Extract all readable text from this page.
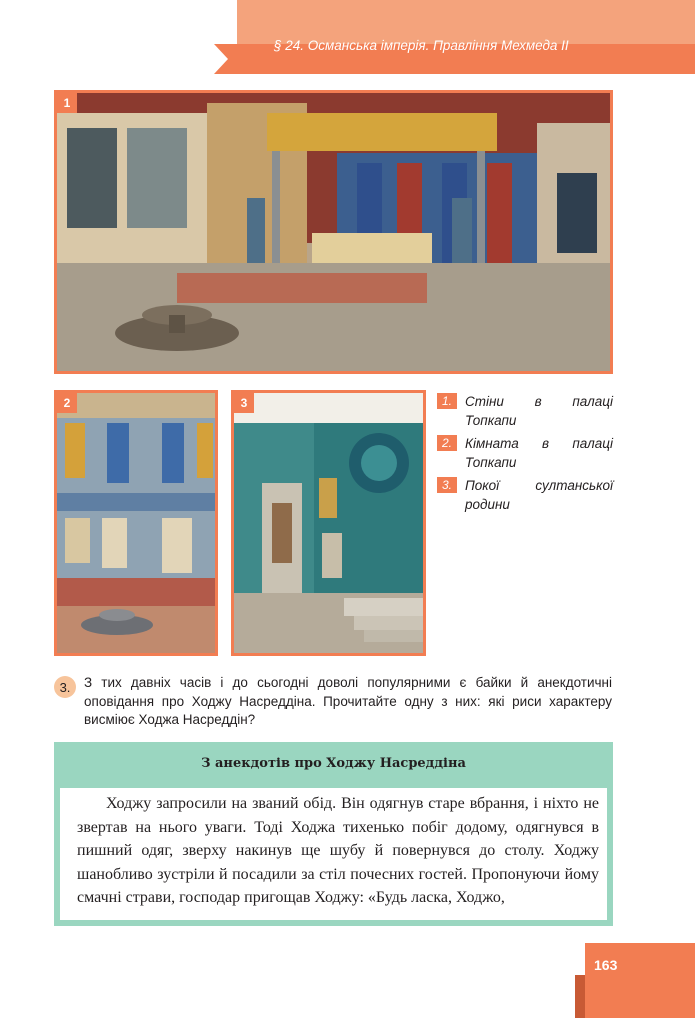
§ 24. Османська імперія. Правління Мехмеда II
1
2	3	1. Стіни в палаці Топкапи
2. Кімната в палаці Топкапи
3. Покої султанської родини
3.	З тих давніх часів і до сьогодні доволі популярними є байки й анекдотичні оповідання про Ходжу Насреддіна. Прочитайте одну з них: які риси характеру висміює Ходжа Насреддін?
З анекдотів про Ходжу Насреддіна

Ходжу запросили на званий обід. Він одягнув старе вбрання, і ніхто не звертав на нього уваги. Тоді Ходжа тихенько побіг додому, одягнувся в пишний одяг, зверху накинув ще шубу й повернувся до столу. Ходжу шанобливо зустріли й посадили за стіл почесних гостей. Пропонуючи йому смачні страви, господар пригощав Ходжу: «Будь ласка, Ходжо,

163
